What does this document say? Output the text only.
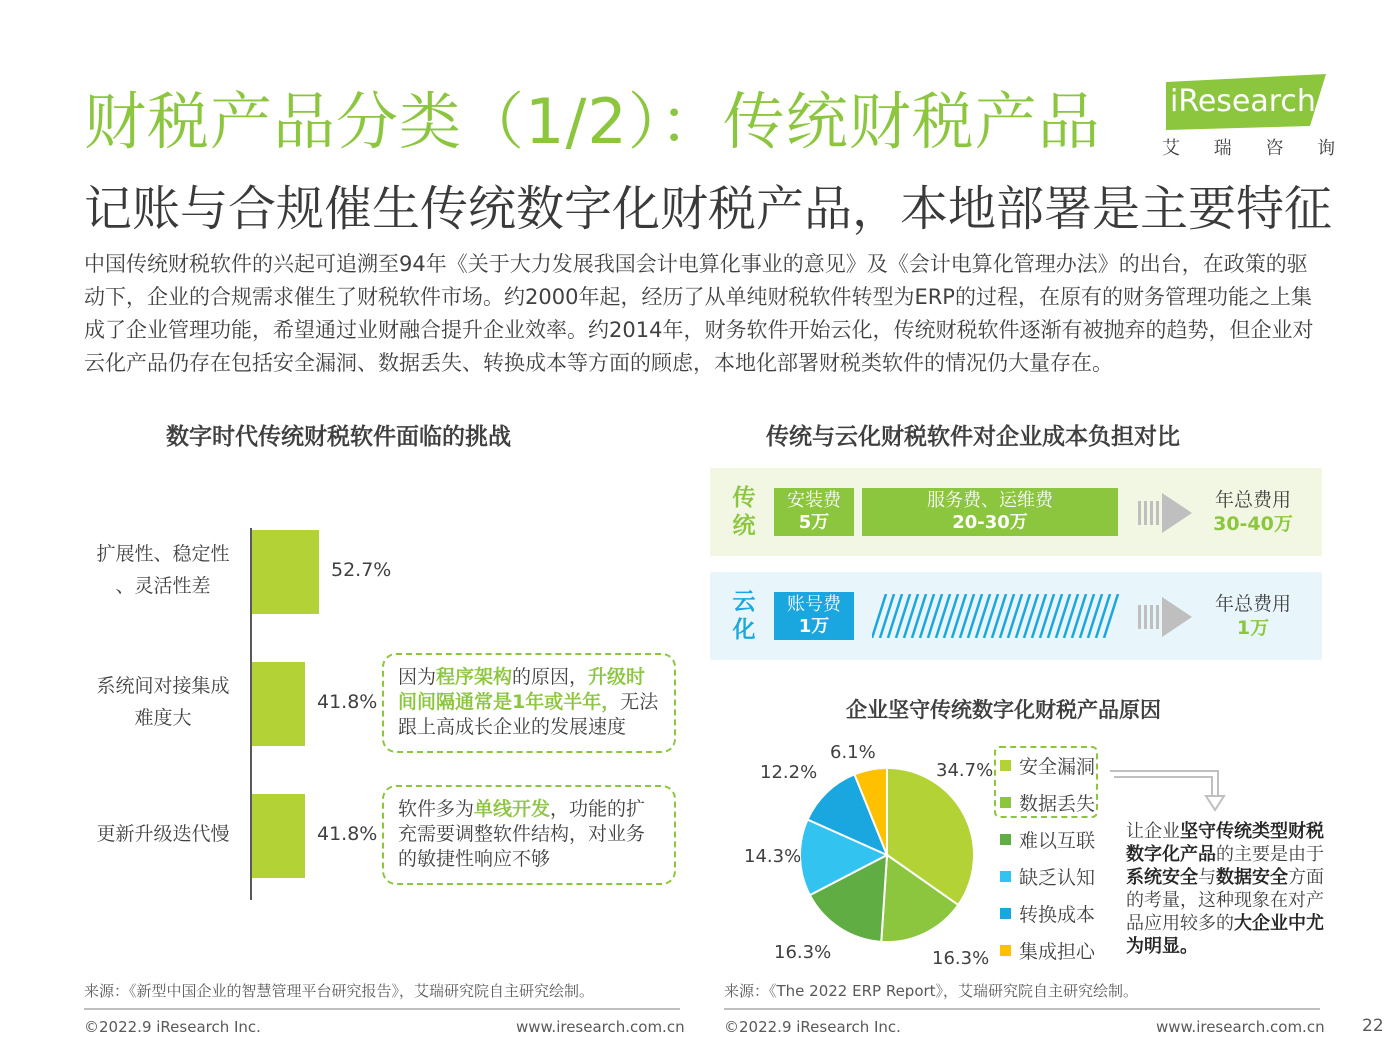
财税产品分类（1/2）：传统财税产品 iResearch
艾 瑞 咨 询
记账与合规催生传统数字化财税产品，本地部署是主要特征
中国传统财税软件的兴起可追溯至94年《关于大力发展我国会计电算化事业的意见》及《会计电算化管理办法》的出台，在政策的驱动下，企业的合规需求催生了财税软件市场。约2000年起，经历了从单纯财税软件转型为ERP的过程，在原有的财务管理功能之上集成了企业管理功能，希望通过业财融合提升企业效率。约2014年，财务软件开始云化，传统财税软件逐渐有被抛弃的趋势，但企业对云化产品仍存在包括安全漏洞、数据丢失、转换成本等方面的顾虑，本地化部署财税类软件的情况仍大量存在。
数字时代传统财税软件面临的挑战
52.7%
扩展性、稳定性
、灵活性差
41.8%
系统间对接集成
难度大
41.8%
更新升级迭代慢
因为程序架构的原因，升级时间间隔通常是1年或半年，无法跟上高成长企业的发展速度
软件多为单线开发，功能的扩充需要调整软件结构，对业务的敏捷性响应不够
来源：《新型中国企业的智慧管理平台研究报告》，艾瑞研究院自主研究绘制。
©2022.9 iResearch Inc.	www.iresearch.com.cn
传统与云化财税软件对企业成本负担对比
传统
安装费
5万
服务费、运维费
20-30万
年总费用
30-40万
云化
账号费
1万
年总费用
1万
企业坚守传统数字化财税产品原因
34.7%
16.3%
16.3%
14.3%
12.2%
6.1%
安全漏洞
数据丢失
难以互联
缺乏认知
转换成本
集成担心
让企业坚守传统类型财税数字化产品的主要是由于系统安全与数据安全方面的考量，这种现象在对产品应用较多的大企业中尤为明显。
来源：《The 2022 ERP Report》，艾瑞研究院自主研究绘制。
©2022.9 iResearch Inc.	www.iresearch.com.cn 22
